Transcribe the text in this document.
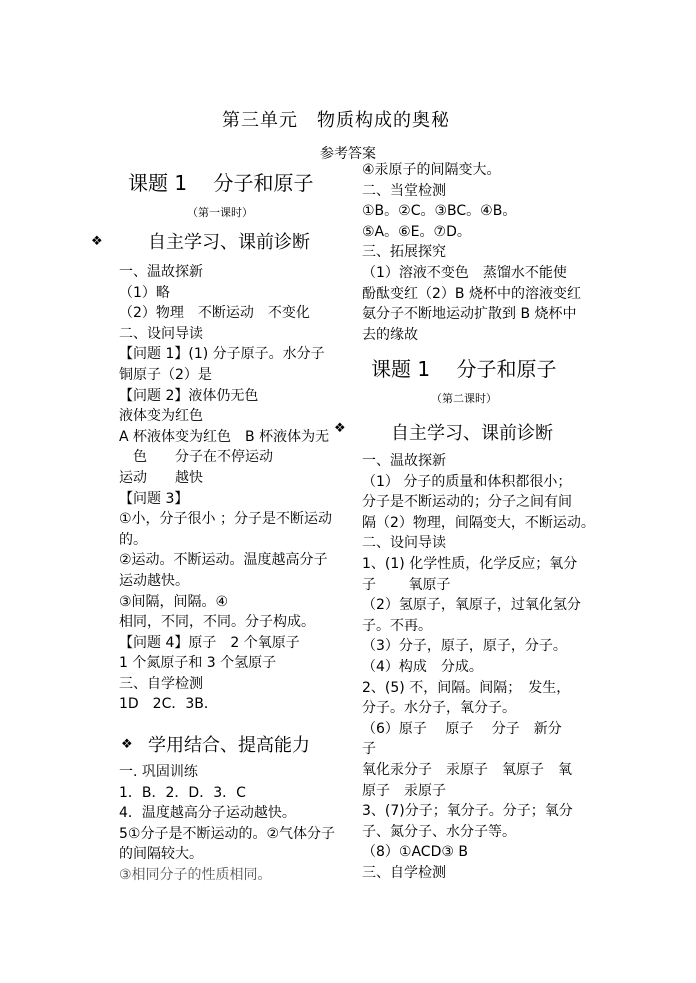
第三单元　物质构成的奥秘
参考答案
课题 1　 分子和原子
（第一课时）
❖	自主学习、课前诊断
一、温故探新
（1）略
（2）物理　不断运动　不变化
二、设问导读
【问题 1】(1) 分子原子。水分子
铜原子（2）是
【问题 2】液体仍无色
液体变为红色
A 杯液体变为红色　B 杯液体为无
　色　　分子在不停运动
运动　　越快
【问题 3】
①小，分子很小 ；分子是不断运动
的。
②运动。不断运动。温度越高分子
运动越快。
③间隔，间隔。④
相同，不同，不同。分子构成。
【问题 4】原子　2 个氧原子
1 个氮原子和 3 个氢原子
三、自学检测
1D　2C．3B．
❖ 学用结合、提高能力
一. 巩固训练
1．B．2．D．3．C
4．温度越高分子运动越快。
5①分子是不断运动的。②气体分子
的间隔较大。
③相同分子的性质相同。
④汞原子的间隔变大。
二、当堂检测
①B。②C。③BC。④B。
⑤A。⑥E。⑦D。
三、拓展探究
（1）溶液不变色　蒸馏水不能使
酚酞变红（2）B 烧杯中的溶液变红
氨分子不断地运动扩散到 B 烧杯中
去的缘故
课题 1　 分子和原子
（第二课时）
❖	自主学习、课前诊断
一、温故探新
（1） 分子的质量和体积都很小；
分子是不断运动的；分子之间有间
隔（2）物理，间隔变大，不断运动。
二、设问导读
1、(1) 化学性质，化学反应；氧分
子　　 氧原子
（2）氢原子，氧原子，过氧化氢分
子。不再。
（3）分子，原子，原子，分子。
（4）构成　分成。
2、(5) 不，间隔。间隔；　发生，
分子。水分子，氧分子。
（6）原子　 原子　 分子　新分
子
氧化汞分子　汞原子　氧原子　氧
原子　汞原子
3、(7)分子；氧分子。分子；氧分
子、氮分子、水分子等。
（8）①ACD③ B
三、自学检测
